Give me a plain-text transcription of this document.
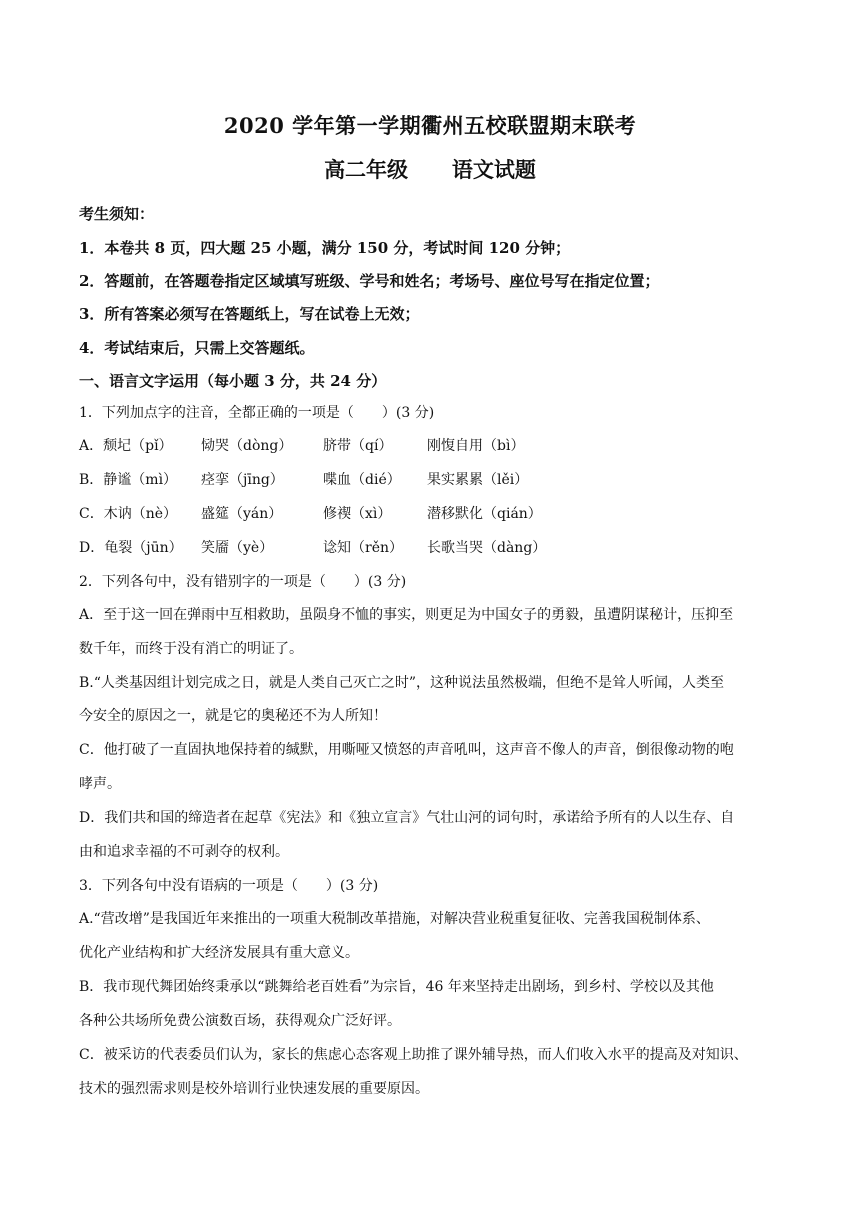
2020 学年第一学期衢州五校联盟期末联考
高二年级      语文试题
考生须知：
1．本卷共 8 页，四大题 25 小题，满分 150 分，考试时间 120 分钟；
2．答题前，在答题卷指定区域填写班级、学号和姓名；考场号、座位号写在指定位置；
3．所有答案必须写在答题纸上，写在试卷上无效；
4．考试结束后，只需上交答题纸。
一、语言文字运用（每小题 3 分，共 24 分）
1．下列加点字的注音，全都正确的一项是（　　）(3 分)
A．颓圮（pǐ） 恸哭（dòng） 脐带（qí） 刚愎自用（bì）
B．静谧（mì） 痉挛（jīng）	喋血（dié） 果实累累（lěi）
C．木讷（nè） 盛筵（yán）	修禊（xì）	潜移默化（qián）
D．龟裂（jūn） 笑靥（yè）	谂知（rěn） 长歌当哭（dàng）
2．下列各句中，没有错别字的一项是（　　）(3 分)
A．至于这一回在弹雨中互相救助，虽陨身不恤的事实，则更足为中国女子的勇毅，虽遭阴谋秘计，压抑至
数千年，而终于没有消亡的明证了。
B.“人类基因组计划完成之日，就是人类自己灭亡之时”，这种说法虽然极端，但绝不是耸人听闻，人类至
今安全的原因之一，就是它的奥秘还不为人所知！
C．他打破了一直固执地保持着的缄默，用嘶哑又愤怒的声音吼叫，这声音不像人的声音，倒很像动物的咆
哮声。
D．我们共和国的缔造者在起草《宪法》和《独立宣言》气壮山河的词句时，承诺给予所有的人以生存、自
由和追求幸福的不可剥夺的权利。
3．下列各句中没有语病的一项是（　　）(3 分)
A.“营改增”是我国近年来推出的一项重大税制改革措施，对解决营业税重复征收、完善我国税制体系、
优化产业结构和扩大经济发展具有重大意义。
B．我市现代舞团始终秉承以“跳舞给老百姓看”为宗旨，46 年来坚持走出剧场，到乡村、学校以及其他
各种公共场所免费公演数百场，获得观众广泛好评。
C．被采访的代表委员们认为，家长的焦虑心态客观上助推了课外辅导热，而人们收入水平的提高及对知识、
技术的强烈需求则是校外培训行业快速发展的重要原因。
